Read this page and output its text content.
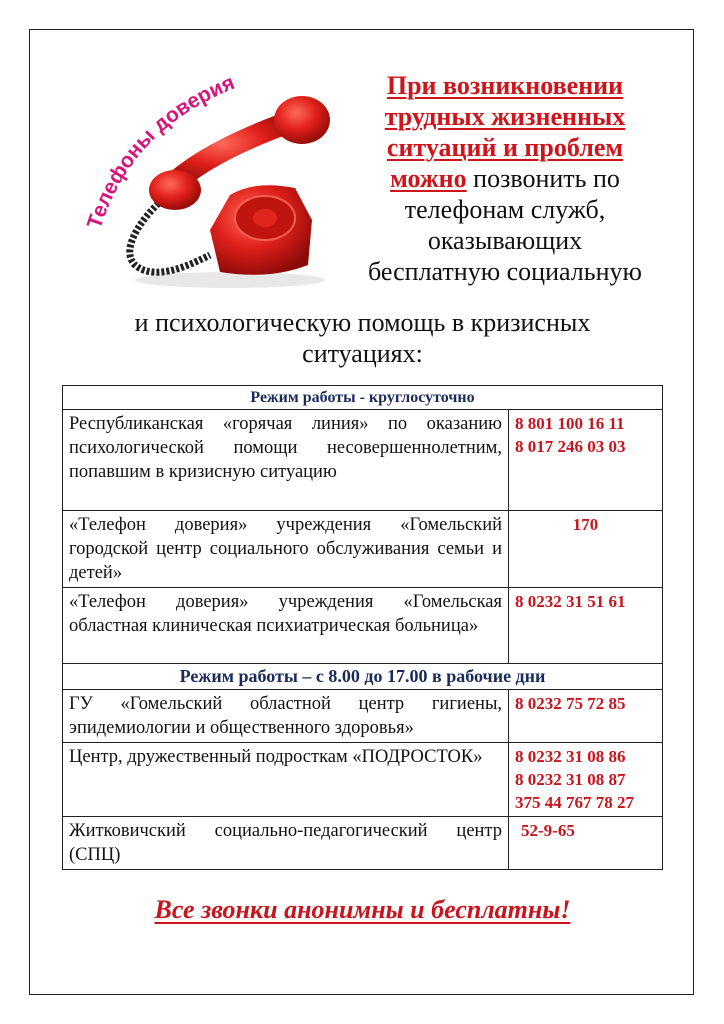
Телефоны доверия	При возникновении
трудных жизненных
ситуаций и проблем
можно позвонить по
телефонам служб,
оказывающих
бесплатную социальную
и психологическую помощь в кризисных
ситуациях:
Режим работы - круглосуточно	
Республиканская «горячая линия» по оказанию психологической помощи несовершеннолетним, попавшим в кризисную ситуацию	8 801 100 16 11
8 017 246 03 03

«Телефон доверия» учреждения «Гомельский городской центр социального обслуживания семьи и детей»	170

«Телефон доверия» учреждения «Гомельская областная клиническая психиатрическая больница»	8 0232 31 51 61

Режим работы – с 8.00 до 17.00 в рабочие дни	
ГУ «Гомельский областной центр гигиены, эпидемиологии и общественного здоровья»	8 0232 75 72 85

Центр, дружественный подросткам «ПОДРОСТОК»	8 0232 31 08 86
8 0232 31 08 87
375 44 767 78 27

Житковичский социально-педагогический центр (СПЦ)	52-9-65
Все звонки анонимны и бесплатны!
